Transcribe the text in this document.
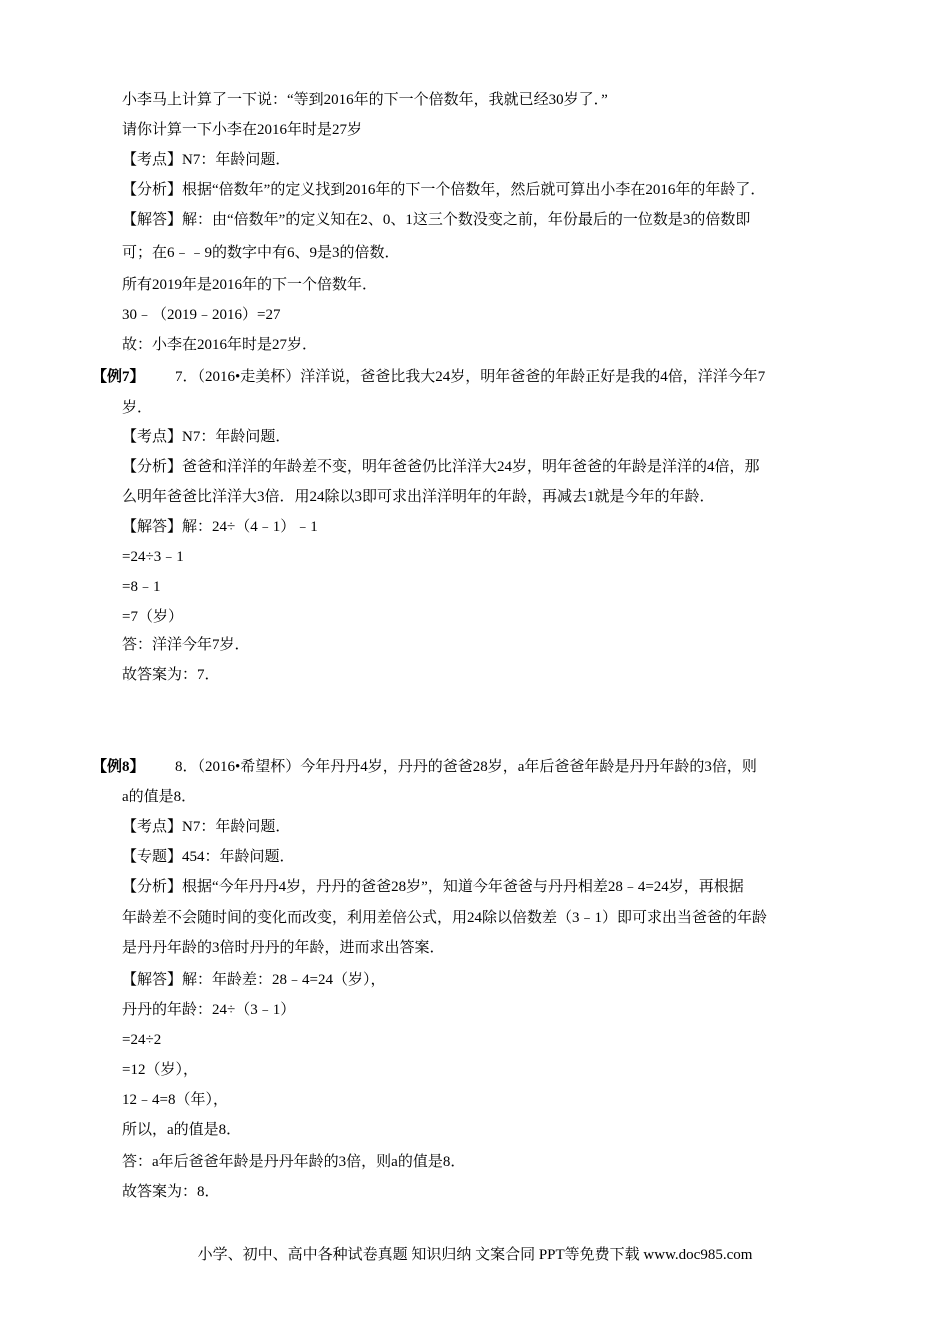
小李马上计算了一下说：“等到2016年的下一个倍数年，我就已经30岁了．”
请你计算一下小李在2016年时是27岁
【考点】N7：年龄问题．
【分析】根据“倍数年”的定义找到2016年的下一个倍数年，然后就可算出小李在2016年的年龄了．
【解答】解：由“倍数年”的定义知在2、0、1这三个数没变之前，年份最后的一位数是3的倍数即
可；在6﹣﹣9的数字中有6、9是3的倍数．
所有2019年是2016年的下一个倍数年．
30﹣（2019﹣2016）=27
故：小李在2016年时是27岁．
【例7】 7．（2016•走美杯）洋洋说，爸爸比我大24岁，明年爸爸的年龄正好是我的4倍，洋洋今年7
岁．
【考点】N7：年龄问题．
【分析】爸爸和洋洋的年龄差不变，明年爸爸仍比洋洋大24岁，明年爸爸的年龄是洋洋的4倍，那
么明年爸爸比洋洋大3倍．用24除以3即可求出洋洋明年的年龄，再减去1就是今年的年龄．
【解答】解：24÷（4﹣1）﹣1
=24÷3﹣1
=8﹣1
=7（岁）
答：洋洋今年7岁．
故答案为：7．
【例8】 8．（2016•希望杯）今年丹丹4岁，丹丹的爸爸28岁，a年后爸爸年龄是丹丹年龄的3倍，则
a的值是8．
【考点】N7：年龄问题．
【专题】454：年龄问题．
【分析】根据“今年丹丹4岁，丹丹的爸爸28岁”，知道今年爸爸与丹丹相差28﹣4=24岁，再根据
年龄差不会随时间的变化而改变，利用差倍公式，用24除以倍数差（3﹣1）即可求出当爸爸的年龄
是丹丹年龄的3倍时丹丹的年龄，进而求出答案．
【解答】解：年龄差：28﹣4=24（岁），
丹丹的年龄：24÷（3﹣1）
=24÷2
=12（岁），
12﹣4=8（年），
所以，a的值是8．
答：a年后爸爸年龄是丹丹年龄的3倍，则a的值是8．
故答案为：8．
小学、初中、高中各种试卷真题 知识归纳 文案合同 PPT等免费下载 www.doc985.com
